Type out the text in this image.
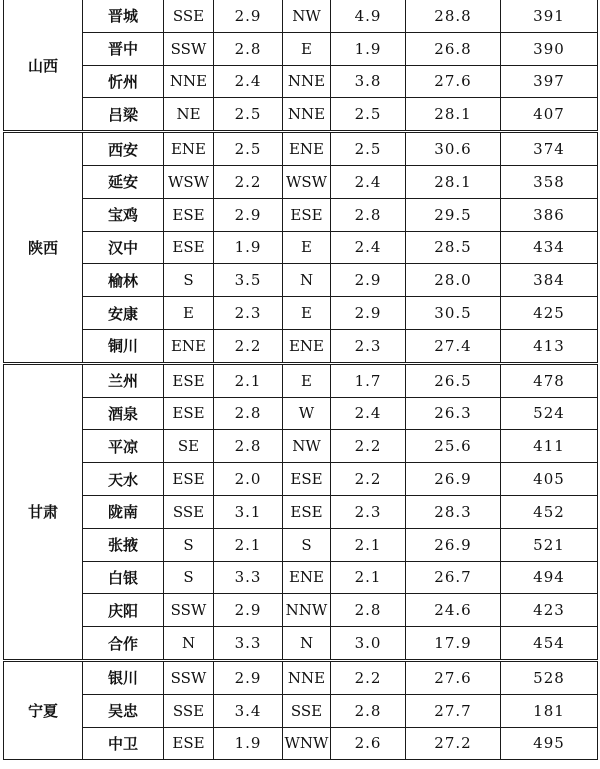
山西	晋城	SSE	2.9	NW	4.9	28.8	391
	晋中	SSW	2.8	E	1.9	26.8	390
	忻州	NNE	2.4	NNE	3.8	27.6	397
	吕梁	NE	2.5	NNE	2.5	28.1	407
陕西	西安	ENE	2.5	ENE	2.5	30.6	374
	延安	WSW	2.2	WSW	2.4	28.1	358
	宝鸡	ESE	2.9	ESE	2.8	29.5	386
	汉中	ESE	1.9	E	2.4	28.5	434
	榆林	S	3.5	N	2.9	28.0	384
	安康	E	2.3	E	2.9	30.5	425
	铜川	ENE	2.2	ENE	2.3	27.4	413
甘肃	兰州	ESE	2.1	E	1.7	26.5	478
	酒泉	ESE	2.8	W	2.4	26.3	524
	平凉	SE	2.8	NW	2.2	25.6	411
	天水	ESE	2.0	ESE	2.2	26.9	405
	陇南	SSE	3.1	ESE	2.3	28.3	452
	张掖	S	2.1	S	2.1	26.9	521
	白银	S	3.3	ENE	2.1	26.7	494
	庆阳	SSW	2.9	NNW	2.8	24.6	423
	合作	N	3.3	N	3.0	17.9	454
宁夏	银川	SSW	2.9	NNE	2.2	27.6	528
	吴忠	SSE	3.4	SSE	2.8	27.7	181
	中卫	ESE	1.9	WNW	2.6	27.2	495
